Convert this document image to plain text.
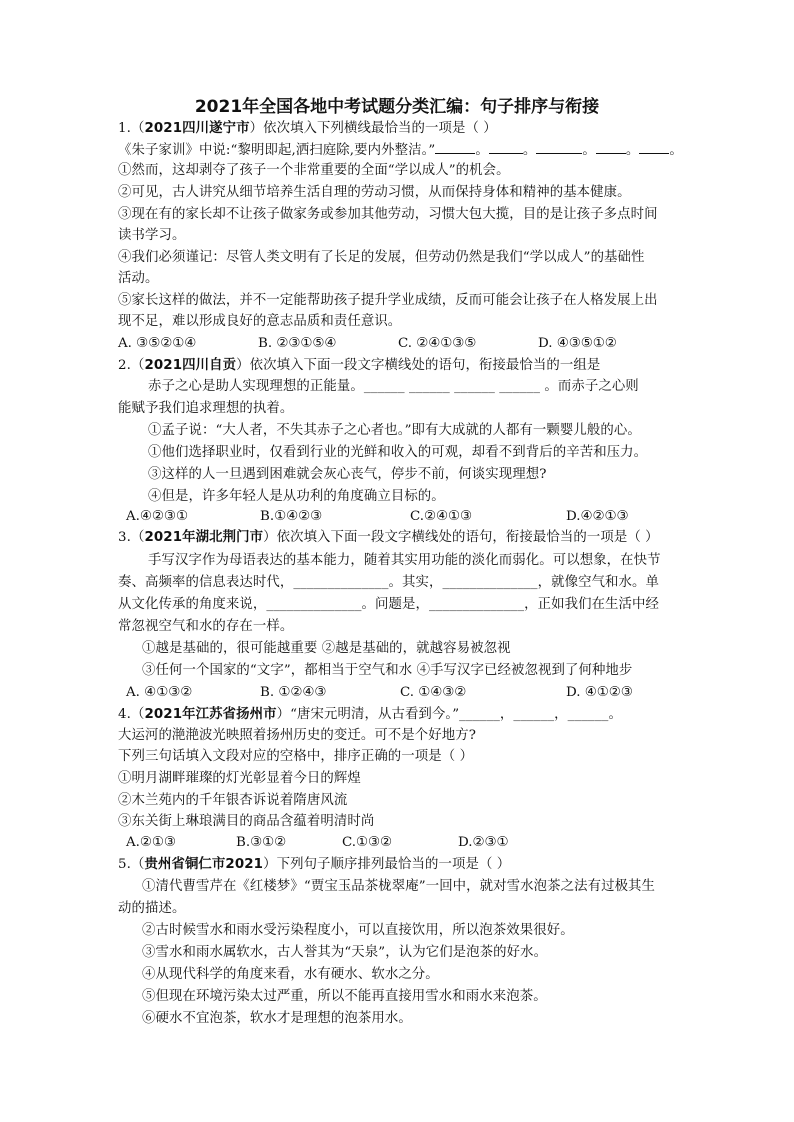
2021年全国各地中考试题分类汇编：句子排序与衔接
1.（2021四川遂宁市）依次填入下列横线最恰当的一项是（ ）
《朱子家训》中说:“黎明即起,洒扫庭除,要内外整洁。”	。	。	。 。 。
①然而，这却剥夺了孩子一个非常重要的全面“学以成人”的机会。
②可见，古人讲究从细节培养生活自理的劳动习惯，从而保持身体和精神的基本健康。
③现在有的家长却不让孩子做家务或参加其他劳动，习惯大包大揽，目的是让孩子多点时间
读书学习。
④我们必须谨记：尽管人类文明有了长足的发展，但劳动仍然是我们“学以成人”的基础性
活动。
⑤家长这样的做法，并不一定能帮助孩子提升学业成绩，反而可能会让孩子在人格发展上出
现不足，难以形成良好的意志品质和责任意识。
A. ③⑤②①④	B. ②③①⑤④	C. ②④①③⑤	D. ④③⑤①②
2.（2021四川自贡）依次填入下面一段文字横线处的语句，衔接最恰当的一组是
赤子之心是助人实现理想的正能量。______ ______ ______ ______ 。而赤子之心则
能赋予我们追求理想的执着。
①孟子说：“大人者，不失其赤子之心者也。”即有大成就的人都有一颗婴儿般的心。
①他们选择职业时，仅看到行业的光鲜和收入的可观，却看不到背后的辛苦和压力。
③这样的人一旦遇到困难就会灰心丧气，停步不前，何谈实现理想?
④但是，许多年轻人是从功利的角度确立目标的。
A.④②③①	B.①④②③	C.②④①③	D.④②①③
3.（2021年湖北荆门市）依次填入下面一段文字横线处的语句，衔接最恰当的一项是（ ）
手写汉字作为母语表达的基本能力，随着其实用功能的淡化而弱化。可以想象，在快节
奏、高频率的信息表达时代，______________。其实，______________，就像空气和水。单
从文化传承的角度来说，______________。问题是，______________，正如我们在生活中经
常忽视空气和水的存在一样。
①越是基础的，很可能越重要 ②越是基础的，就越容易被忽视
③任何一个国家的“文字”，都相当于空气和水 ④手写汉字已经被忽视到了何种地步
A. ④①③②	B. ①②④③	C. ①④③②	D. ④①②③
4.（2021年江苏省扬州市）“唐宋元明清，从古看到今。”______，______，______。
大运河的滟滟波光映照着扬州历史的变迁。可不是个好地方?
下列三句话填入文段对应的空格中，排序正确的一项是（ ）
①明月湖畔璀璨的灯光彰显着今日的辉煌
②木兰苑内的千年银杏诉说着隋唐风流
③东关街上琳琅满目的商品含蕴着明清时尚
A.②①③	B.③①②	C.①③②	D.②③①
5.（贵州省铜仁市2021）下列句子顺序排列最恰当的一项是（ ）
①清代曹雪芹在《红楼梦》“贾宝玉品茶栊翠庵”一回中，就对雪水泡茶之法有过极其生
动的描述。
②古时候雪水和雨水受污染程度小，可以直接饮用，所以泡茶效果很好。
③雪水和雨水属软水，古人誉其为“天泉”，认为它们是泡茶的好水。
④从现代科学的角度来看，水有硬水、软水之分。
⑤但现在环境污染太过严重，所以不能再直接用雪水和雨水来泡茶。
⑥硬水不宜泡茶，软水才是理想的泡茶用水。
